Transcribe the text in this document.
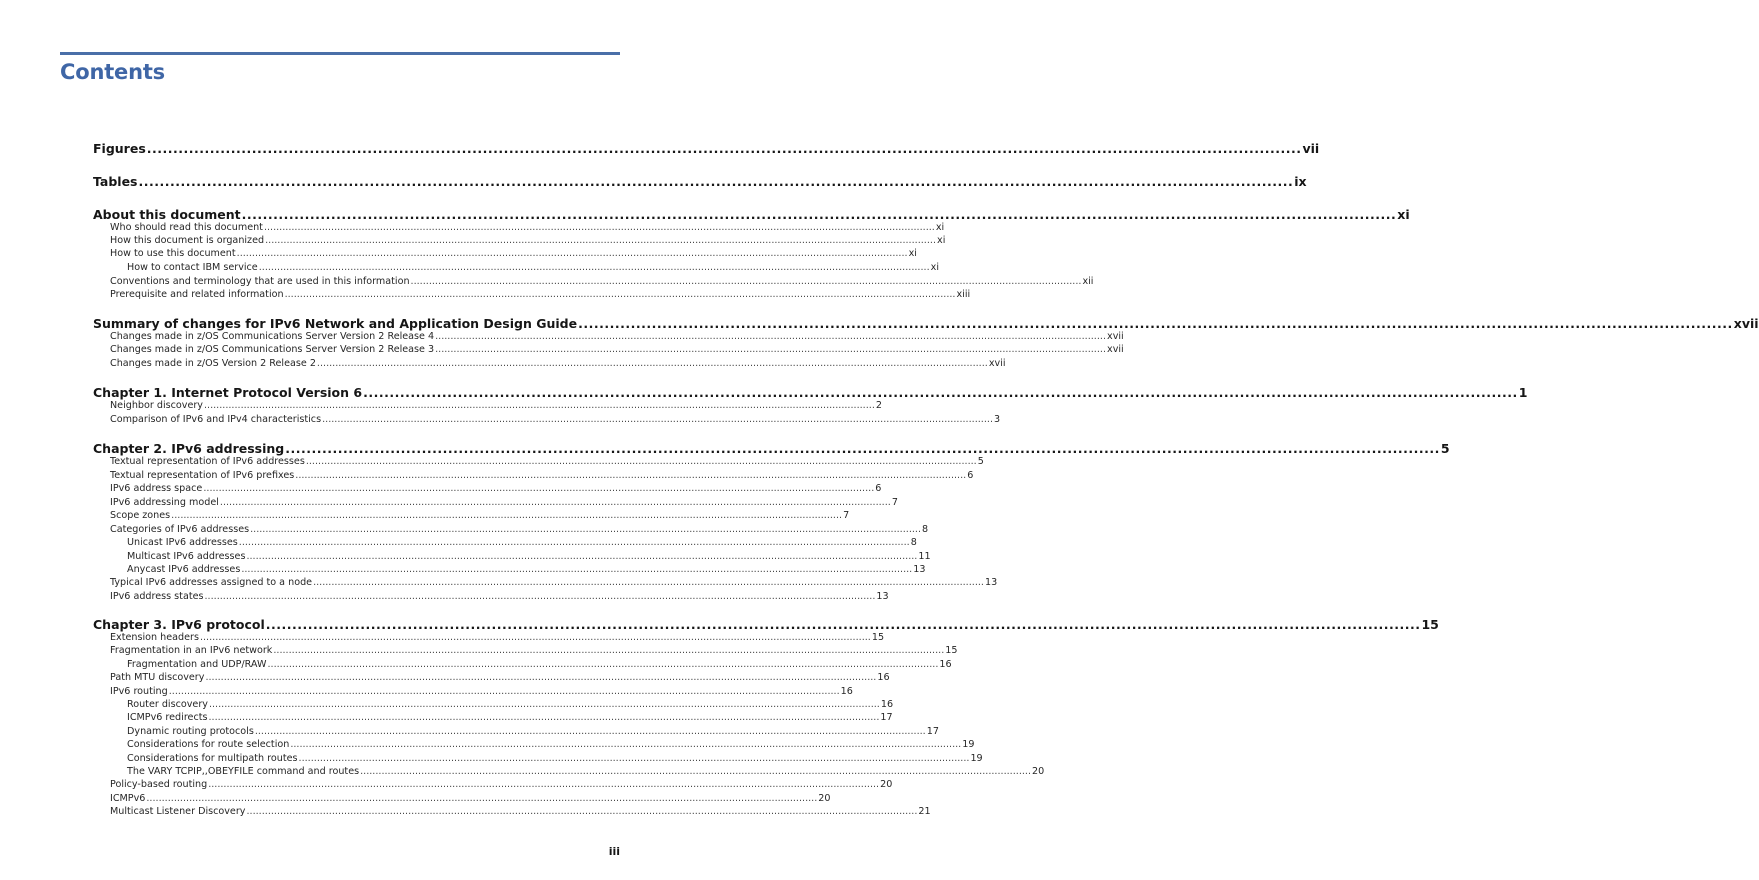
Contents
Figures ............................................................................................................................................................................................................................ vii
Tables ............................................................................................................................................................................................................................ ix
About this document ............................................................................................................................................................................................................................ xi
Who should read this document ............................................................................................................................................................................................................................ xi
How this document is organized ............................................................................................................................................................................................................................ xi
How to use this document ............................................................................................................................................................................................................................ xi
How to contact IBM service ............................................................................................................................................................................................................................ xi
Conventions and terminology that are used in this information ............................................................................................................................................................................................................................ xii
Prerequisite and related information ............................................................................................................................................................................................................................ xiii
Summary of changes for IPv6 Network and Application Design Guide ............................................................................................................................................................................................................................ xvii
Changes made in z/OS Communications Server Version 2 Release 4 ............................................................................................................................................................................................................................ xvii
Changes made in z/OS Communications Server Version 2 Release 3 ............................................................................................................................................................................................................................ xvii
Changes made in z/OS Version 2 Release 2 ............................................................................................................................................................................................................................ xvii
Chapter 1. Internet Protocol Version 6 ............................................................................................................................................................................................................................ 1
Neighbor discovery ............................................................................................................................................................................................................................ 2
Comparison of IPv6 and IPv4 characteristics ............................................................................................................................................................................................................................ 3
Chapter 2. IPv6 addressing ............................................................................................................................................................................................................................ 5
Textual representation of IPv6 addresses ............................................................................................................................................................................................................................ 5
Textual representation of IPv6 prefixes ............................................................................................................................................................................................................................ 6
IPv6 address space ............................................................................................................................................................................................................................ 6
IPv6 addressing model ............................................................................................................................................................................................................................ 7
Scope zones ............................................................................................................................................................................................................................ 7
Categories of IPv6 addresses ............................................................................................................................................................................................................................ 8
Unicast IPv6 addresses ............................................................................................................................................................................................................................ 8
Multicast IPv6 addresses ............................................................................................................................................................................................................................ 11
Anycast IPv6 addresses ............................................................................................................................................................................................................................ 13
Typical IPv6 addresses assigned to a node ............................................................................................................................................................................................................................ 13
IPv6 address states ............................................................................................................................................................................................................................ 13
Chapter 3. IPv6 protocol ............................................................................................................................................................................................................................ 15
Extension headers ............................................................................................................................................................................................................................ 15
Fragmentation in an IPv6 network ............................................................................................................................................................................................................................ 15
Fragmentation and UDP/RAW ............................................................................................................................................................................................................................ 16
Path MTU discovery ............................................................................................................................................................................................................................ 16
IPv6 routing ............................................................................................................................................................................................................................ 16
Router discovery ............................................................................................................................................................................................................................ 16
ICMPv6 redirects ............................................................................................................................................................................................................................ 17
Dynamic routing protocols ............................................................................................................................................................................................................................ 17
Considerations for route selection ............................................................................................................................................................................................................................ 19
Considerations for multipath routes ............................................................................................................................................................................................................................ 19
The VARY TCPIP,,OBEYFILE command and routes ............................................................................................................................................................................................................................ 20
Policy-based routing ............................................................................................................................................................................................................................ 20
ICMPv6 ............................................................................................................................................................................................................................ 20
Multicast Listener Discovery ............................................................................................................................................................................................................................ 21
iii
